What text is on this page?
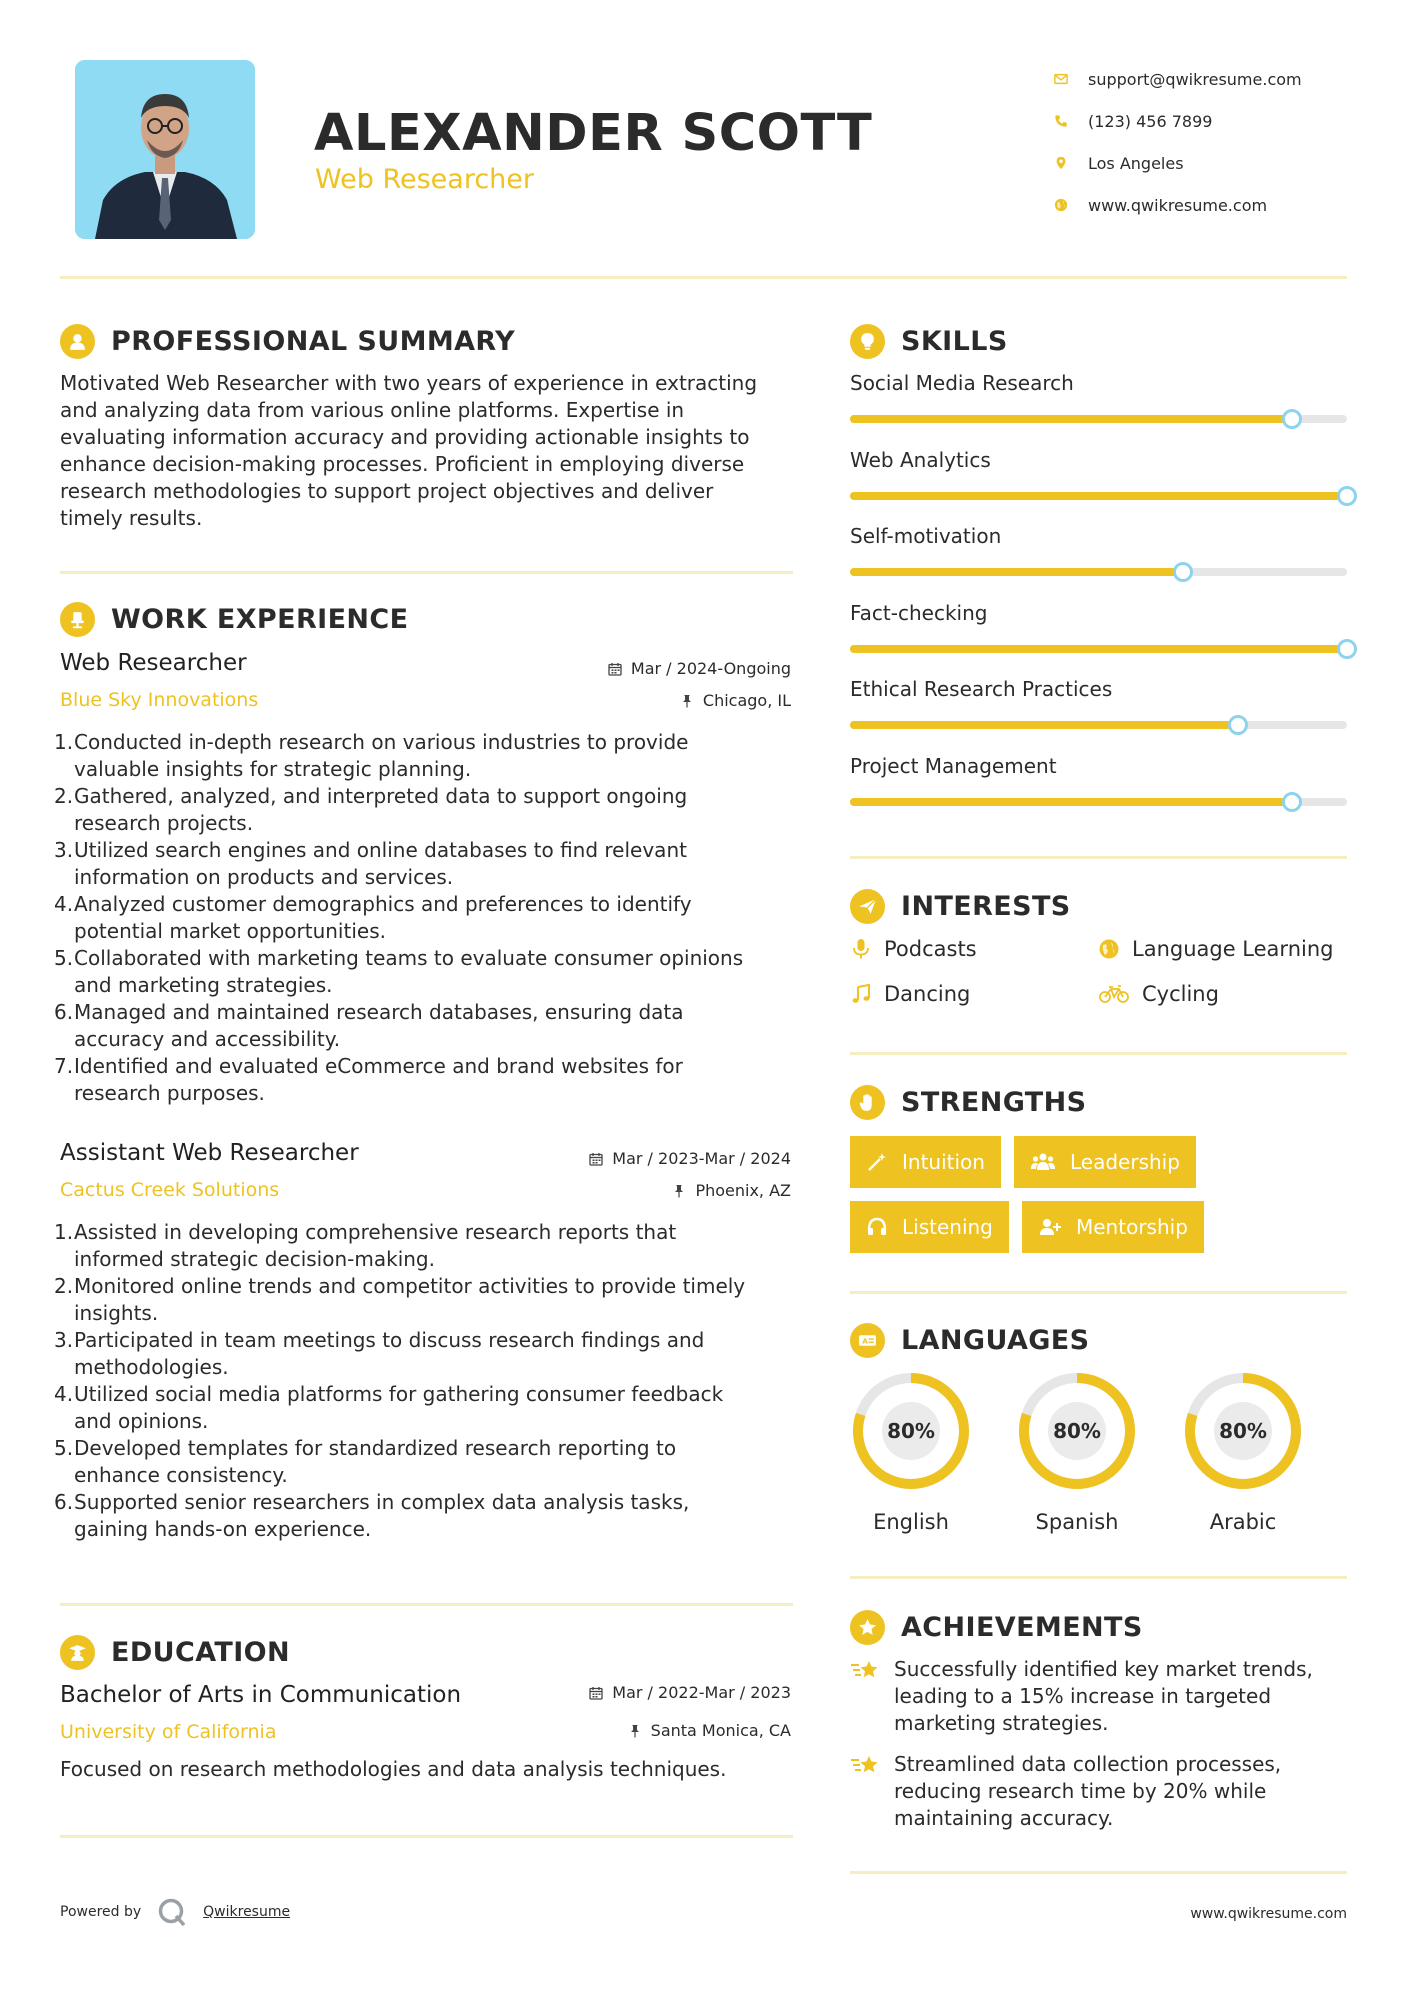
ALEXANDER SCOTT
Web Researcher
support@qwikresume.com
(123) 456 7899
Los Angeles
www.qwikresume.com
PROFESSIONAL SUMMARY
Motivated Web Researcher with two years of experience in extracting
and analyzing data from various online platforms. Expertise in
evaluating information accuracy and providing actionable insights to
enhance decision-making processes. Proficient in employing diverse
research methodologies to support project objectives and deliver
timely results.
WORK EXPERIENCE
Web Researcher
Blue Sky Innovations
Mar / 2024-Ongoing
Chicago, IL
1. Conducted in-depth research on various industries to provide
valuable insights for strategic planning.
2. Gathered, analyzed, and interpreted data to support ongoing
research projects.
3. Utilized search engines and online databases to find relevant
information on products and services.
4. Analyzed customer demographics and preferences to identify
potential market opportunities.
5. Collaborated with marketing teams to evaluate consumer opinions
and marketing strategies.
6. Managed and maintained research databases, ensuring data
accuracy and accessibility.
7. Identified and evaluated eCommerce and brand websites for
research purposes.
Assistant Web Researcher
Cactus Creek Solutions
Mar / 2023-Mar / 2024
Phoenix, AZ
1. Assisted in developing comprehensive research reports that
informed strategic decision-making.
2. Monitored online trends and competitor activities to provide timely
insights.
3. Participated in team meetings to discuss research findings and
methodologies.
4. Utilized social media platforms for gathering consumer feedback
and opinions.
5. Developed templates for standardized research reporting to
enhance consistency.
6. Supported senior researchers in complex data analysis tasks,
gaining hands-on experience.
EDUCATION
Bachelor of Arts in Communication
University of California
Mar / 2022-Mar / 2023
Santa Monica, CA
Focused on research methodologies and data analysis techniques.
SKILLS
Social Media Research
Web Analytics
Self-motivation
Fact-checking
Ethical Research Practices
Project Management
INTERESTS
Podcasts	Language Learning
Dancing	Cycling
STRENGTHS
Intuition	Leadership
Listening	Mentorship
A LANGUAGES
80%
English
80%
Spanish
80%
Arabic
ACHIEVEMENTS
Successfully identified key market trends,
leading to a 15% increase in targeted
marketing strategies.
Streamlined data collection processes,
reducing research time by 20% while
maintaining accuracy.
Powered by	Qwikresume	www.qwikresume.com
